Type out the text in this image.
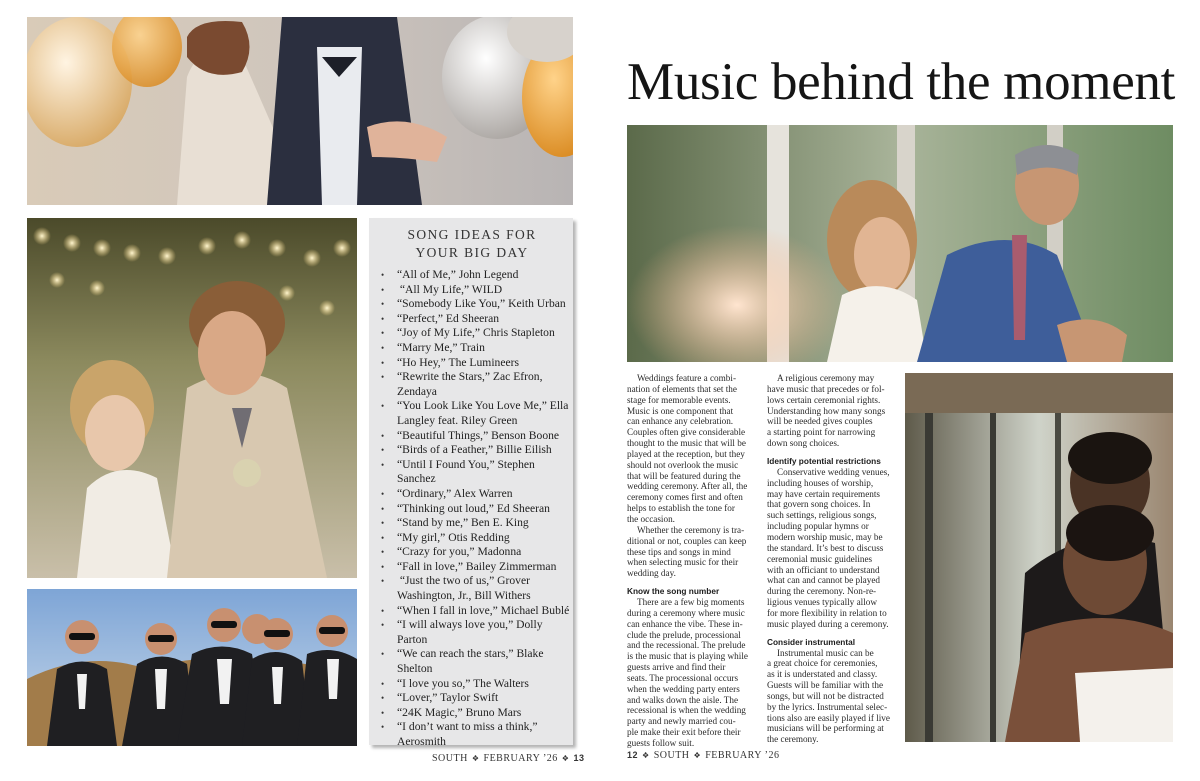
SONG IDEAS FOR
YOUR BIG DAY
• “All of Me,” John Legend
• “All My Life,” WILD
• “Somebody Like You,” Keith Urban
• “Perfect,” Ed Sheeran
• “Joy of My Life,” Chris Stapleton
• “Marry Me,” Train
• “Ho Hey,” The Lumineers
• “Rewrite the Stars,” Zac Efron,
Zendaya
• “You Look Like You Love Me,” Ella
Langley feat. Riley Green
• “Beautiful Things,” Benson Boone
• “Birds of a Feather,” Billie Eilish
• “Until I Found You,” Stephen
Sanchez
• “Ordinary,” Alex Warren
• “Thinking out loud,” Ed Sheeran
• “Stand by me,” Ben E. King
• “My girl,” Otis Redding
• “Crazy for you,” Madonna
• “Fall in love,” Bailey Zimmerman
• “Just the two of us,” Grover
Washington, Jr., Bill Withers
• “When I fall in love,” Michael Bublé
• “I will always love you,” Dolly
Parton
• “We can reach the stars,” Blake
Shelton
• “I love you so,” The Walters
• “Lover,” Taylor Swift
• “24K Magic,” Bruno Mars
• “I don’t want to miss a think,”
Aerosmith
SOUTH ❖ FEBRUARY ’26 ❖ 13
Music behind the moment

Weddings feature a combi-
nation of elements that set the
stage for memorable events.
Music is one component that
can enhance any celebration.
Couples often give considerable
thought to the music that will be
played at the reception, but they
should not overlook the music
that will be featured during the
wedding ceremony. After all, the
ceremony comes first and often
helps to establish the tone for
the occasion.

Whether the ceremony is tra-
ditional or not, couples can keep
these tips and songs in mind
when selecting music for their
wedding day.

Know the song number

There are a few big moments
during a ceremony where music
can enhance the vibe. These in-
clude the prelude, processional
and the recessional. The prelude
is the music that is playing while
guests arrive and find their
seats. The processional occurs
when the wedding party enters
and walks down the aisle. The
recessional is when the wedding
party and newly married cou-
ple make their exit before their
guests follow suit.

A religious ceremony may
have music that precedes or fol-
lows certain ceremonial rights.
Understanding how many songs
will be needed gives couples
a starting point for narrowing
down song choices.

Identify potential restrictions

Conservative wedding venues,
including houses of worship,
may have certain requirements
that govern song choices. In
such settings, religious songs,
including popular hymns or
modern worship music, may be
the standard. It’s best to discuss
ceremonial music guidelines
with an officiant to understand
what can and cannot be played
during the ceremony. Non-re-
ligious venues typically allow
for more flexibility in relation to
music played during a ceremony.

Consider instrumental

Instrumental music can be
a great choice for ceremonies,
as it is understated and classy.
Guests will be familiar with the
songs, but will not be distracted
by the lyrics. Instrumental selec-
tions also are easily played if live
musicians will be performing at
the ceremony.

12 ❖ SOUTH ❖ FEBRUARY ’26
